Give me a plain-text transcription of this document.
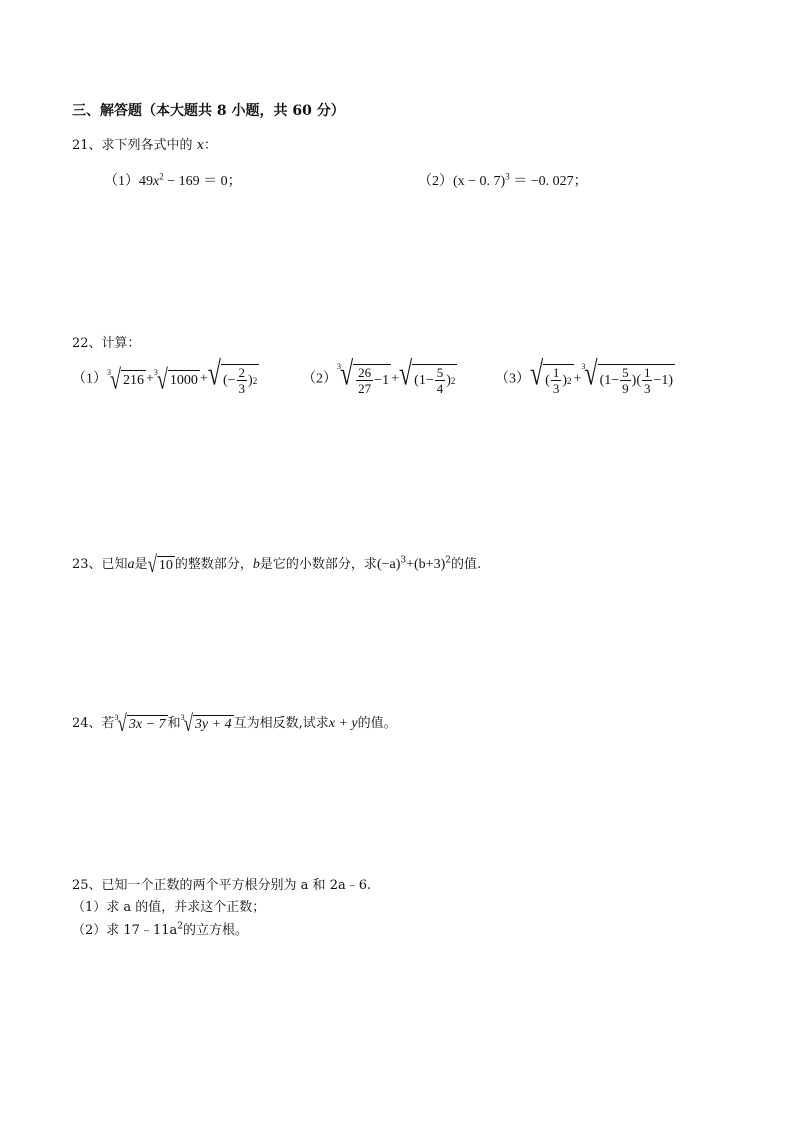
三、解答题（本大题共 8 小题，共 60 分）
21、求下列各式中的 x：
$(1)49x^2 - 169 = 0$；	（2）(x − 0. 7)$^3$ ＝ −0. 027；
22、计算：
（1） 3 √ 216 + 3 √ 1000 + √ (− $\frac{2}{3}$ ) 2	（2）
3 √ $\frac{26}{27} -1$ + √ ($1- \frac{5}{4}$ ) 2	（3） √ ( $\frac{1}{3}$ ) 2 +
3 √ ($1- \frac{5}{9}$ )( $\frac{1}{3} -1$)
23、已知a是 √ 10 的整数部分，b是它的小数部分，求$(-a)^3+(b+3)^2$的值.
24、若 3 √ 3x − 7 和 3 √ 3y + 4 互为相反数,试求x + y的值。
25、已知一个正数的两个平方根分别为 a 和 2a﹣6.
（1）求 a 的值，并求这个正数；
（2）求 $17﹣11a^2$的立方根。
